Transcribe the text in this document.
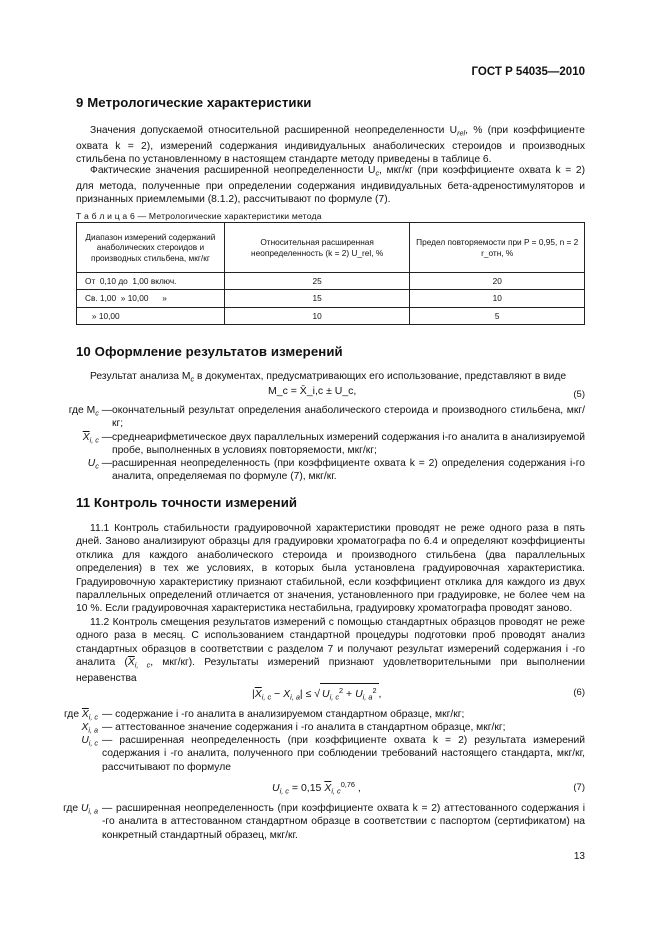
ГОСТ Р 54035—2010
9 Метрологические характеристики

Значения допускаемой относительной расширенной неопределенности $U_{rel}$, % (при коэффициенте охвата k = 2), измерений содержания индивидуальных анаболических стероидов и производных стильбена по установленному в настоящем стандарте методу приведены в таблице 6.

Фактические значения расширенной неопределенности $U_c$, мкг/кг (при коэффициенте охвата k = 2) для метода, полученные при определении содержания индивидуальных бета-адреностимуляторов и признанных приемлемыми (8.1.2), рассчитывают по формуле (7).

Т а б л и ц а 6 — Метрологические характеристики метода
Диапазон измерений содержаний анаболических стероидов и производных стильбена, мкг/кг	Относительная расширенная неопределенность (k = 2) U_rel, %	Предел повторяемости при P = 0,95, n = 2 r_отн, %
От  0,10 до  1,00 включ.	25	20
Св. 1,00  » 10,00      »	15	10
» 10,00	10	5
10 Оформление результатов измерений

Результат анализа $M_c$ в документах, предусматривающих его использование, представляют в виде

M_c = X̄_i,c ± U_c,	(5)
где $M_c$ — окончательный результат определения анаболического стероида и производного стильбена, мкг/кг;
$\overline{X}_{i, c}$ — среднеарифметическое двух параллельных измерений содержания i-го аналита в анализируемой пробе, выполненных в условиях повторяемости, мкг/кг;
$U_c$ — расширенная неопределенность (при коэффициенте охвата k = 2) определения содержания i-го аналита, определяемая по формуле (7), мкг/кг.
11 Контроль точности измерений

11.1 Контроль стабильности градуировочной характеристики проводят не реже одного раза в пять дней. Заново анализируют образцы для градуировки хроматографа по 6.4 и определяют коэффициенты отклика для каждого анаболического стероида и производного стильбена (два параллельных определения) в тех же условиях, в которых была установлена градуировочная характеристика. Градуировочную характеристику признают стабильной, если коэффициент отклика для каждого из двух параллельных определений отличается от значения, установленного при градуировке, не более чем на 10 %. Если градуировочная характеристика нестабильна, градуировку хроматографа проводят заново.

11.2 Контроль смещения результатов измерений с помощью стандартных образцов проводят не реже одного раза в месяц. С использованием стандартной процедуры подготовки проб проводят анализ стандартных образцов в соответствии с разделом 7 и получают результат измерений содержания i -го аналита ($\overline{X}_{i, c}$, мкг/кг). Результаты измерений признают удовлетворительными при выполнении неравенства

$|\overline{X}_{i, c} - X_{i, a}|$ ≤ √ $U_{i, c}^2 + U_{i, a}^2$ ,	(6)
где $\overline{X}_{i, c}$ — содержание i -го аналита в анализируемом стандартном образце, мкг/кг;
$X_{i, a}$ — аттестованное значение содержания i -го аналита в стандартном образце, мкг/кг;
$U_{i, c}$ — расширенная неопределенность (при коэффициенте охвата k = 2) результата измерений содержания i -го аналита, полученного при соблюдении требований настоящего стандарта, мкг/кг, рассчитывают по формуле
$U_{i, c} = 0,15$ $\overline{X}_{i, c}^{0,76}$ ,	(7)
где $U_{i, a}$ — расширенная неопределенность (при коэффициенте охвата k = 2) аттестованного содержания i -го аналита в аттестованном стандартном образце в соответствии с паспортом (сертификатом) на конкретный стандартный образец, мкг/кг.
13
